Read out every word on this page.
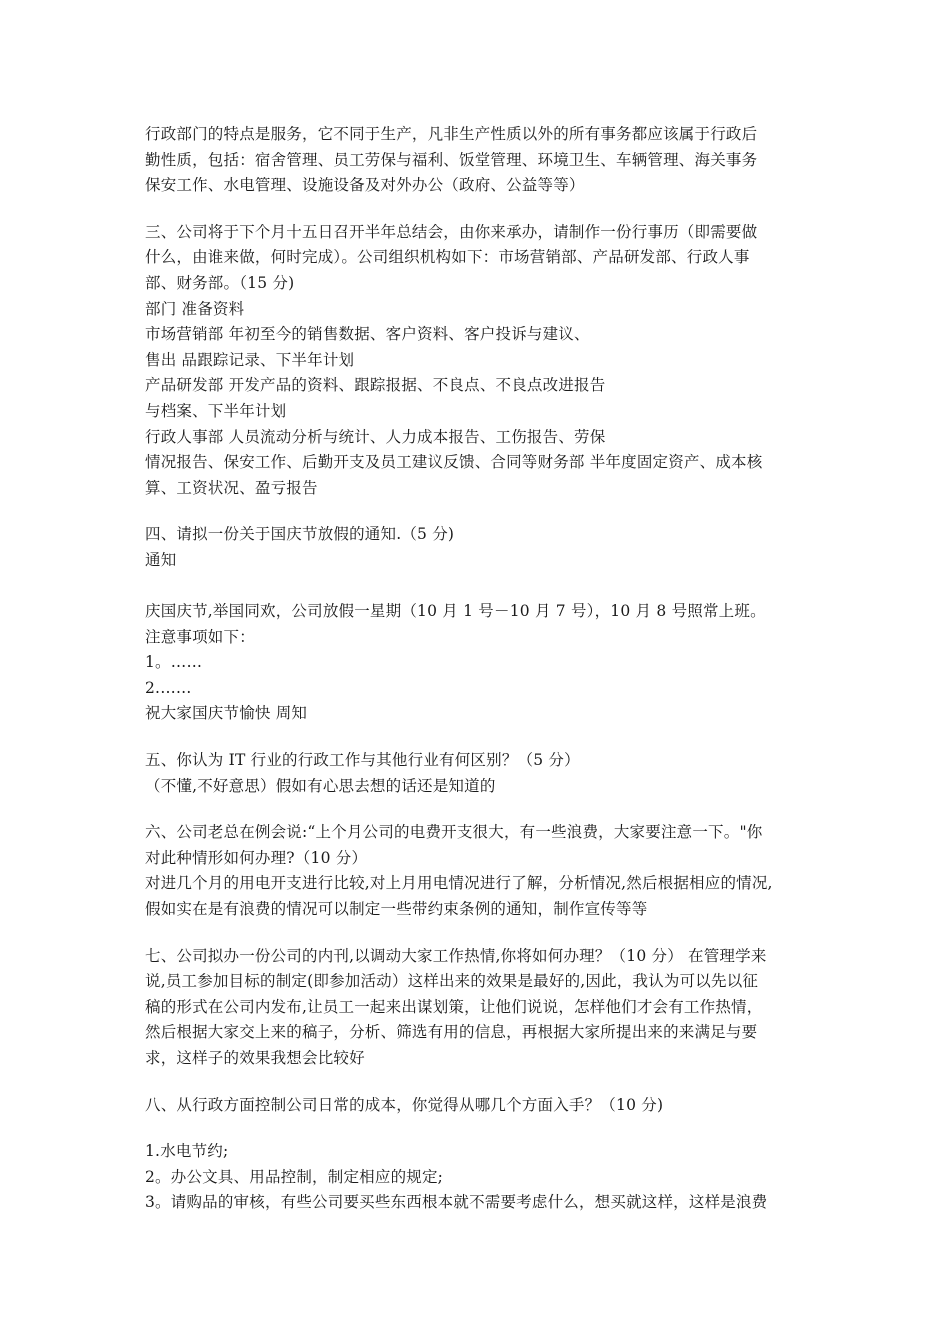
行政部门的特点是服务，它不同于生产，凡非生产性质以外的所有事务都应该属于行政后
勤性质，包括：宿舍管理、员工劳保与福利、饭堂管理、环境卫生、车辆管理、海关事务
保安工作、水电管理、设施设备及对外办公（政府、公益等等）
三、公司将于下个月十五日召开半年总结会，由你来承办，请制作一份行事历（即需要做
什么，由谁来做，何时完成）。公司组织机构如下：市场营销部、产品研发部、行政人事
部、财务部。（15 分)
部门 准备资料
市场营销部 年初至今的销售数据、客户资料、客户投诉与建议、
售出 品跟踪记录、下半年计划
产品研发部 开发产品的资料、跟踪报据、不良点、不良点改进报告
与档案、下半年计划
行政人事部 人员流动分析与统计、人力成本报告、工伤报告、劳保
情况报告、保安工作、后勤开支及员工建议反馈、合同等财务部 半年度固定资产、成本核
算、工资状况、盈亏报告
四、请拟一份关于国庆节放假的通知.（5 分)
通知
庆国庆节,举国同欢，公司放假一星期（10 月 1 号－10 月 7 号），10 月 8 号照常上班。
注意事项如下：
1。……
2.……
祝大家国庆节愉快 周知
五、你认为 IT 行业的行政工作与其他行业有何区别？（5 分）
（不懂,不好意思）假如有心思去想的话还是知道的
六、公司老总在例会说:“上个月公司的电费开支很大，有一些浪费，大家要注意一下。"你
对此种情形如何办理?（10 分）
对进几个月的用电开支进行比较,对上月用电情况进行了解，分析情况,然后根据相应的情况,
假如实在是有浪费的情况可以制定一些带约束条例的通知，制作宣传等等
七、公司拟办一份公司的内刊,以调动大家工作热情,你将如何办理？（10 分） 在管理学来
说,员工参加目标的制定(即参加活动）这样出来的效果是最好的,因此，我认为可以先以征
稿的形式在公司内发布,让员工一起来出谋划策，让他们说说，怎样他们才会有工作热情，
然后根据大家交上来的稿子，分析、筛选有用的信息，再根据大家所提出来的来满足与要
求，这样子的效果我想会比较好
八、从行政方面控制公司日常的成本，你觉得从哪几个方面入手？（10 分)
1.水电节约;
2。办公文具、用品控制，制定相应的规定;
3。请购品的审核，有些公司要买些东西根本就不需要考虑什么，想买就这样，这样是浪费
